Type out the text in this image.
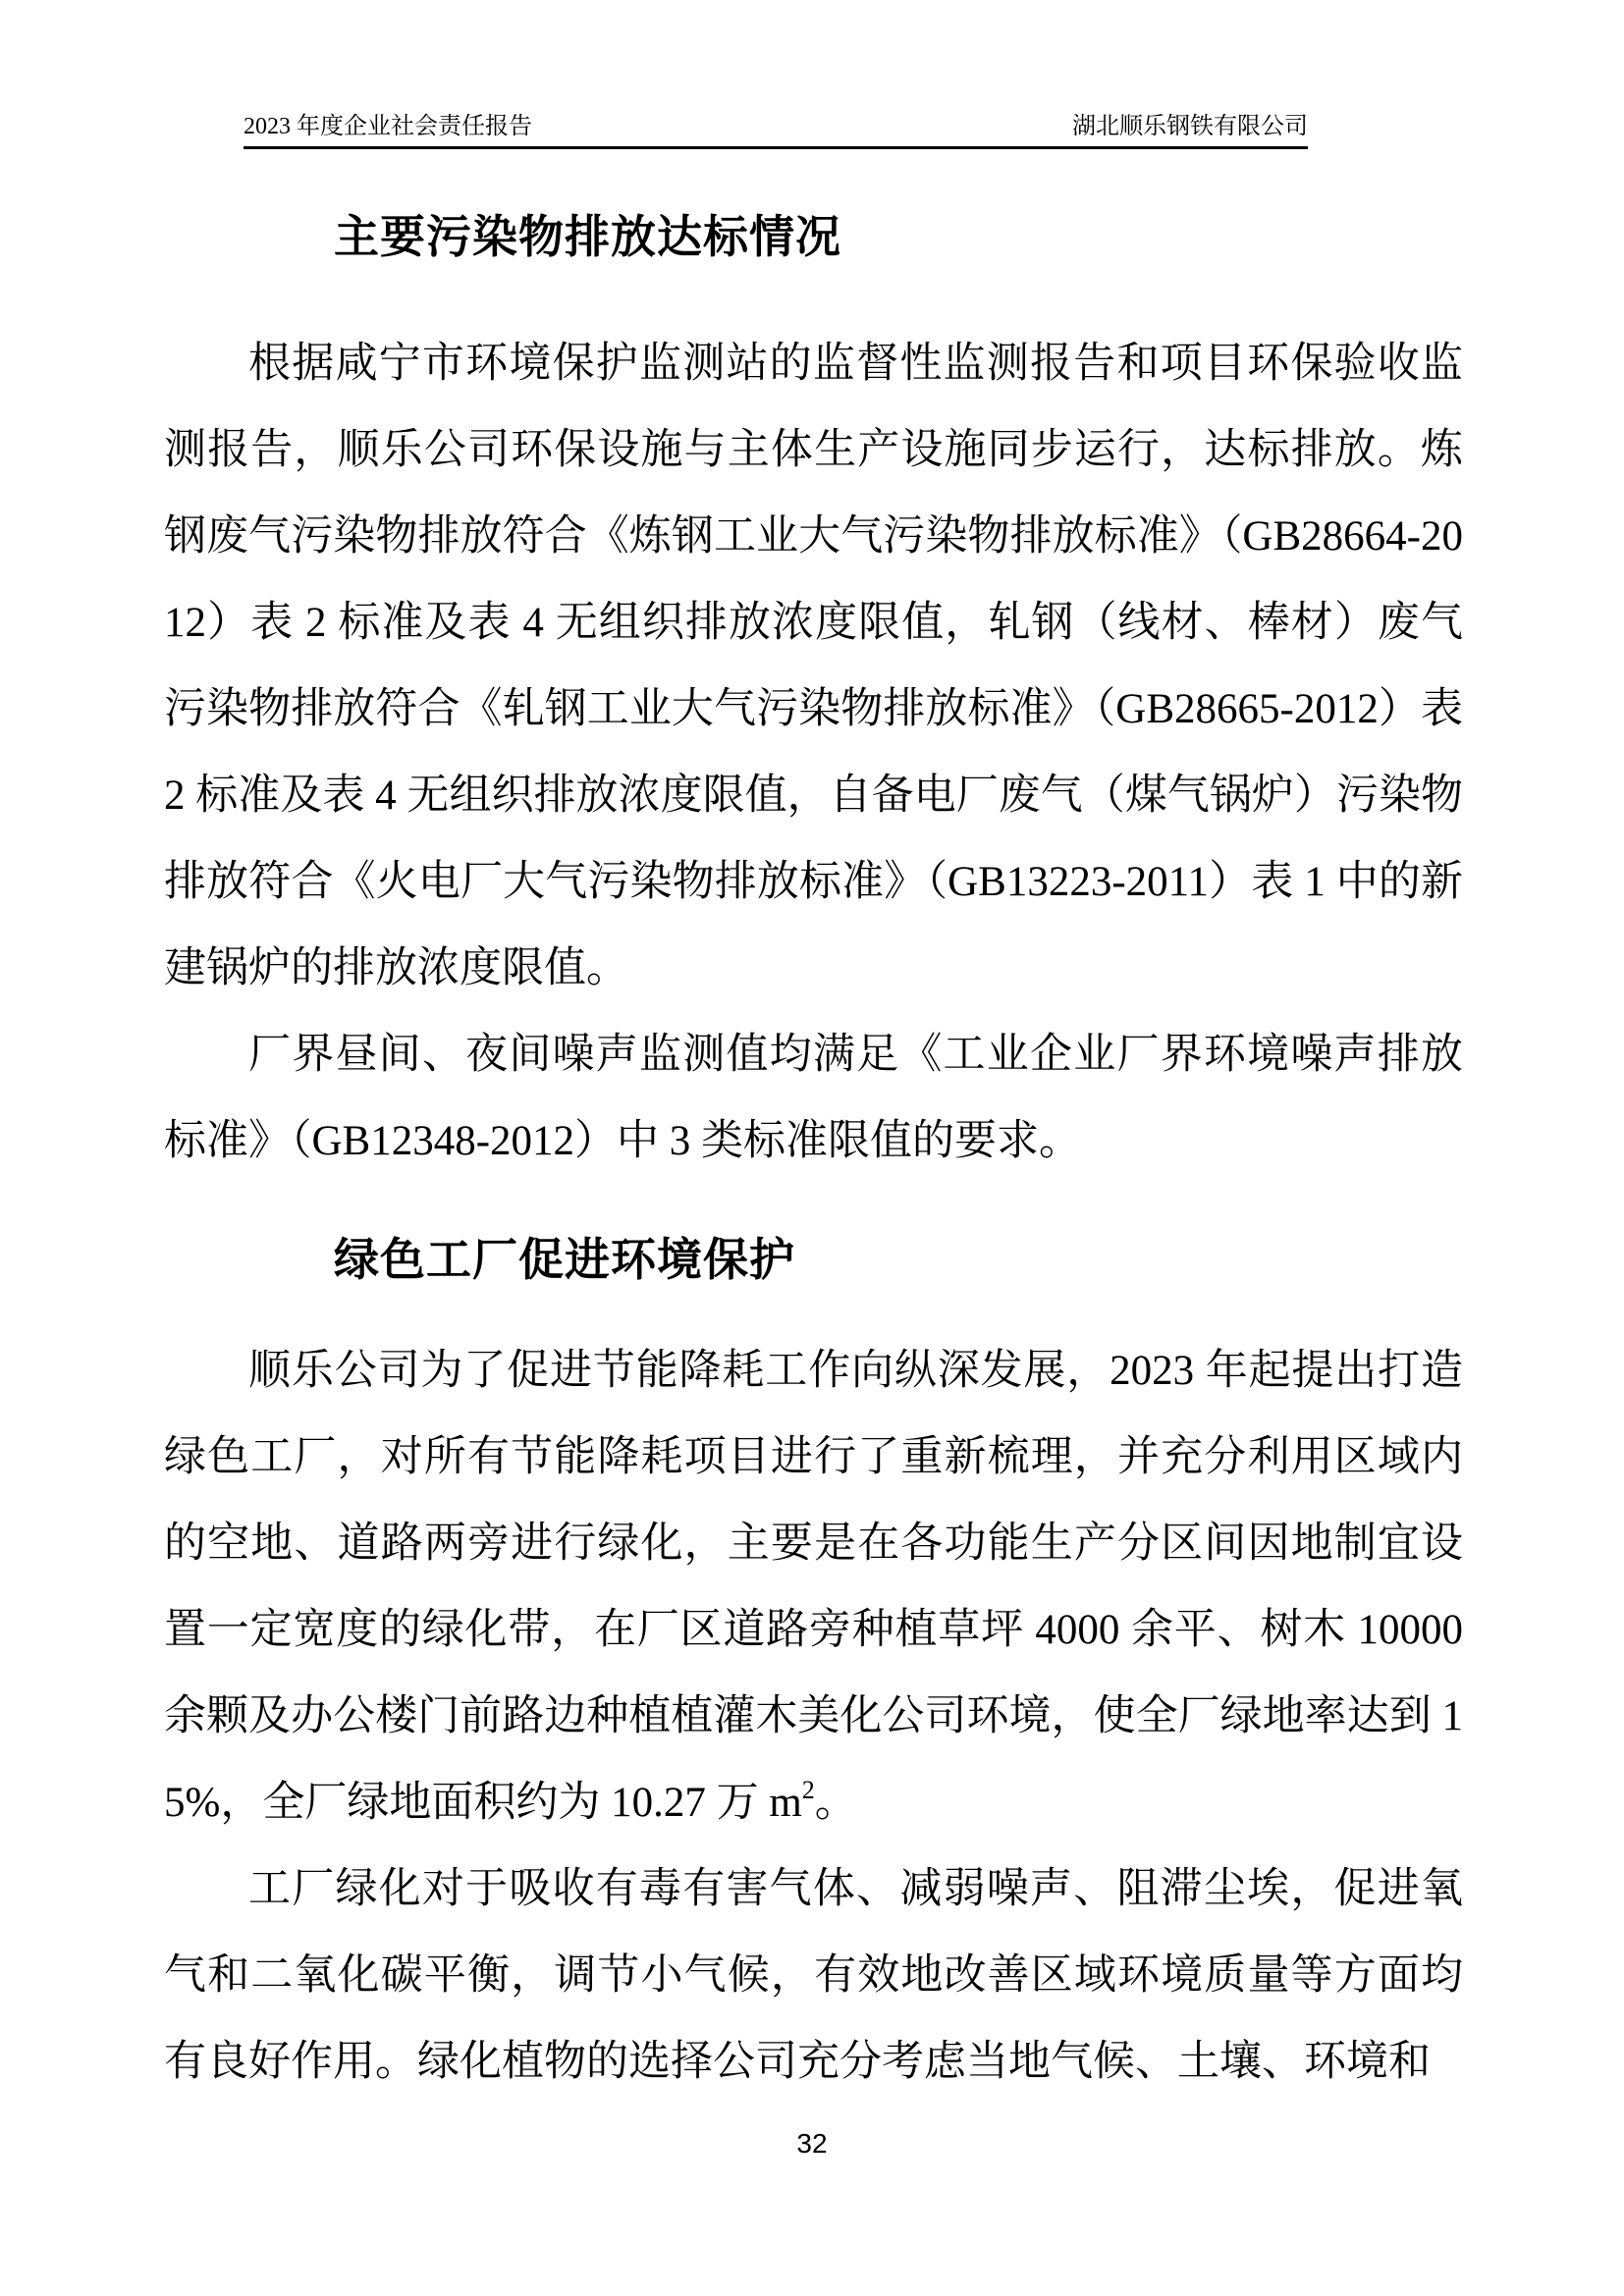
2023 年度企业社会责任报告	湖北顺乐钢铁有限公司
主要污染物排放达标情况

根据咸宁市环境保护监测站的监督性监测报告和项目环保验收监测报告，顺乐公司环保设施与主体生产设施同步运行，达标排放。炼钢废气污染物排放符合《炼钢工业大气污染物排放标准》（GB28664-2012）表 2 标准及表 4 无组织排放浓度限值，轧钢（线材、棒材）废气污染物排放符合《轧钢工业大气污染物排放标准》（GB28665-2012）表 2 标准及表 4 无组织排放浓度限值，自备电厂废气（煤气锅炉）污染物排放符合《火电厂大气污染物排放标准》（GB13223-2011）表 1 中的新建锅炉的排放浓度限值。

厂界昼间、夜间噪声监测值均满足《工业企业厂界环境噪声排放标准》（GB12348-2012）中 3 类标准限值的要求。

绿色工厂促进环境保护

顺乐公司为了促进节能降耗工作向纵深发展，2023 年起提出打造绿色工厂，对所有节能降耗项目进行了重新梳理，并充分利用区域内的空地、道路两旁进行绿化，主要是在各功能生产分区间因地制宜设置一定宽度的绿化带，在厂区道路旁种植草坪 4000 余平、树木 10000 余颗及办公楼门前路边种植植灌木美化公司环境，使全厂绿地率达到 15%，全厂绿地面积约为 10.27 万 $m^2$。

工厂绿化对于吸收有毒有害气体、减弱噪声、阻滞尘埃，促进氧气和二氧化碳平衡，调节小气候，有效地改善区域环境质量等方面均有良好作用。绿化植物的选择公司充分考虑当地气候、土壤、环境和

32
